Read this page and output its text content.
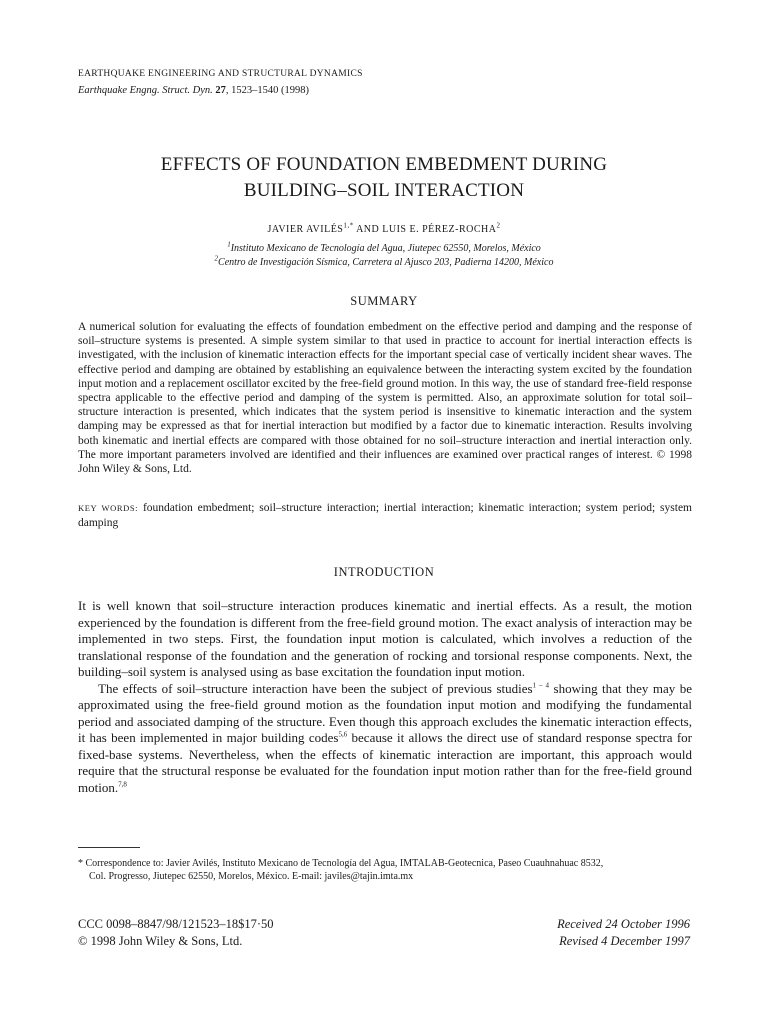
EARTHQUAKE ENGINEERING AND STRUCTURAL DYNAMICS
Earthquake Engng. Struct. Dyn. 27, 1523–1540 (1998)
EFFECTS OF FOUNDATION EMBEDMENT DURING
BUILDING–SOIL INTERACTION
JAVIER $AVILÉS^{1,*}$ AND LUIS E. PÉREZ-ROCHA$^2$
$^1$Instituto Mexicano de Tecnología del Agua, Jiutepec 62550, Morelos, México
$^2$Centro de Investigación Sísmica, Carretera al Ajusco 203, Padierna 14200, México
SUMMARY
A numerical solution for evaluating the effects of foundation embedment on the effective period and damping and the response of soil–structure systems is presented. A simple system similar to that used in practice to account for inertial interaction effects is investigated, with the inclusion of kinematic interaction effects for the important special case of vertically incident shear waves. The effective period and damping are obtained by establishing an equivalence between the interacting system excited by the foundation input motion and a replacement oscillator excited by the free-field ground motion. In this way, the use of standard free-field response spectra applicable to the effective period and damping of the system is permitted. Also, an approximate solution for total soil–structure interaction is presented, which indicates that the system period is insensitive to kinematic interaction and the system damping may be expressed as that for inertial interaction but modified by a factor due to kinematic interaction. Results involving both kinematic and inertial effects are compared with those obtained for no soil–structure interaction and inertial interaction only. The more important parameters involved are identified and their influences are examined over practical ranges of interest. © 1998 John Wiley & Sons, Ltd.
KEY WORDS: foundation embedment; soil–structure interaction; inertial interaction; kinematic interaction; system period; system damping
INTRODUCTION

It is well known that soil–structure interaction produces kinematic and inertial effects. As a result, the motion experienced by the foundation is different from the free-field ground motion. The exact analysis of interaction may be implemented in two steps. First, the foundation input motion is calculated, which involves a reduction of the translational response of the foundation and the generation of rocking and torsional response components. Next, the building–soil system is analysed using as base excitation the foundation input motion.

The effects of soil–structure interaction have been the subject of previous studies$^{1 - 4}$ showing that they may be approximated using the free-field ground motion as the foundation input motion and modifying the fundamental period and associated damping of the structure. Even though this approach excludes the kinematic interaction effects, it has been implemented in major building codes$^{5,6}$ because it allows the direct use of standard response spectra for fixed-base systems. Nevertheless, when the effects of kinematic interaction are important, this approach would require that the structural response be evaluated for the foundation input motion rather than for the free-field ground motion.$^{7,8}$

* Correspondence to: Javier Avilés, Instituto Mexicano de Tecnología del Agua, IMTALAB-Geotecnica, Paseo Cuauhnahuac 8532,
Col. Progresso, Jiutepec 62550, Morelos, México. E-mail: javiles@tajin.imta.mx
CCC 0098–8847/98/121523–18$17·50
© 1998 John Wiley & Sons, Ltd.
Received 24 October 1996
Revised 4 December 1997
